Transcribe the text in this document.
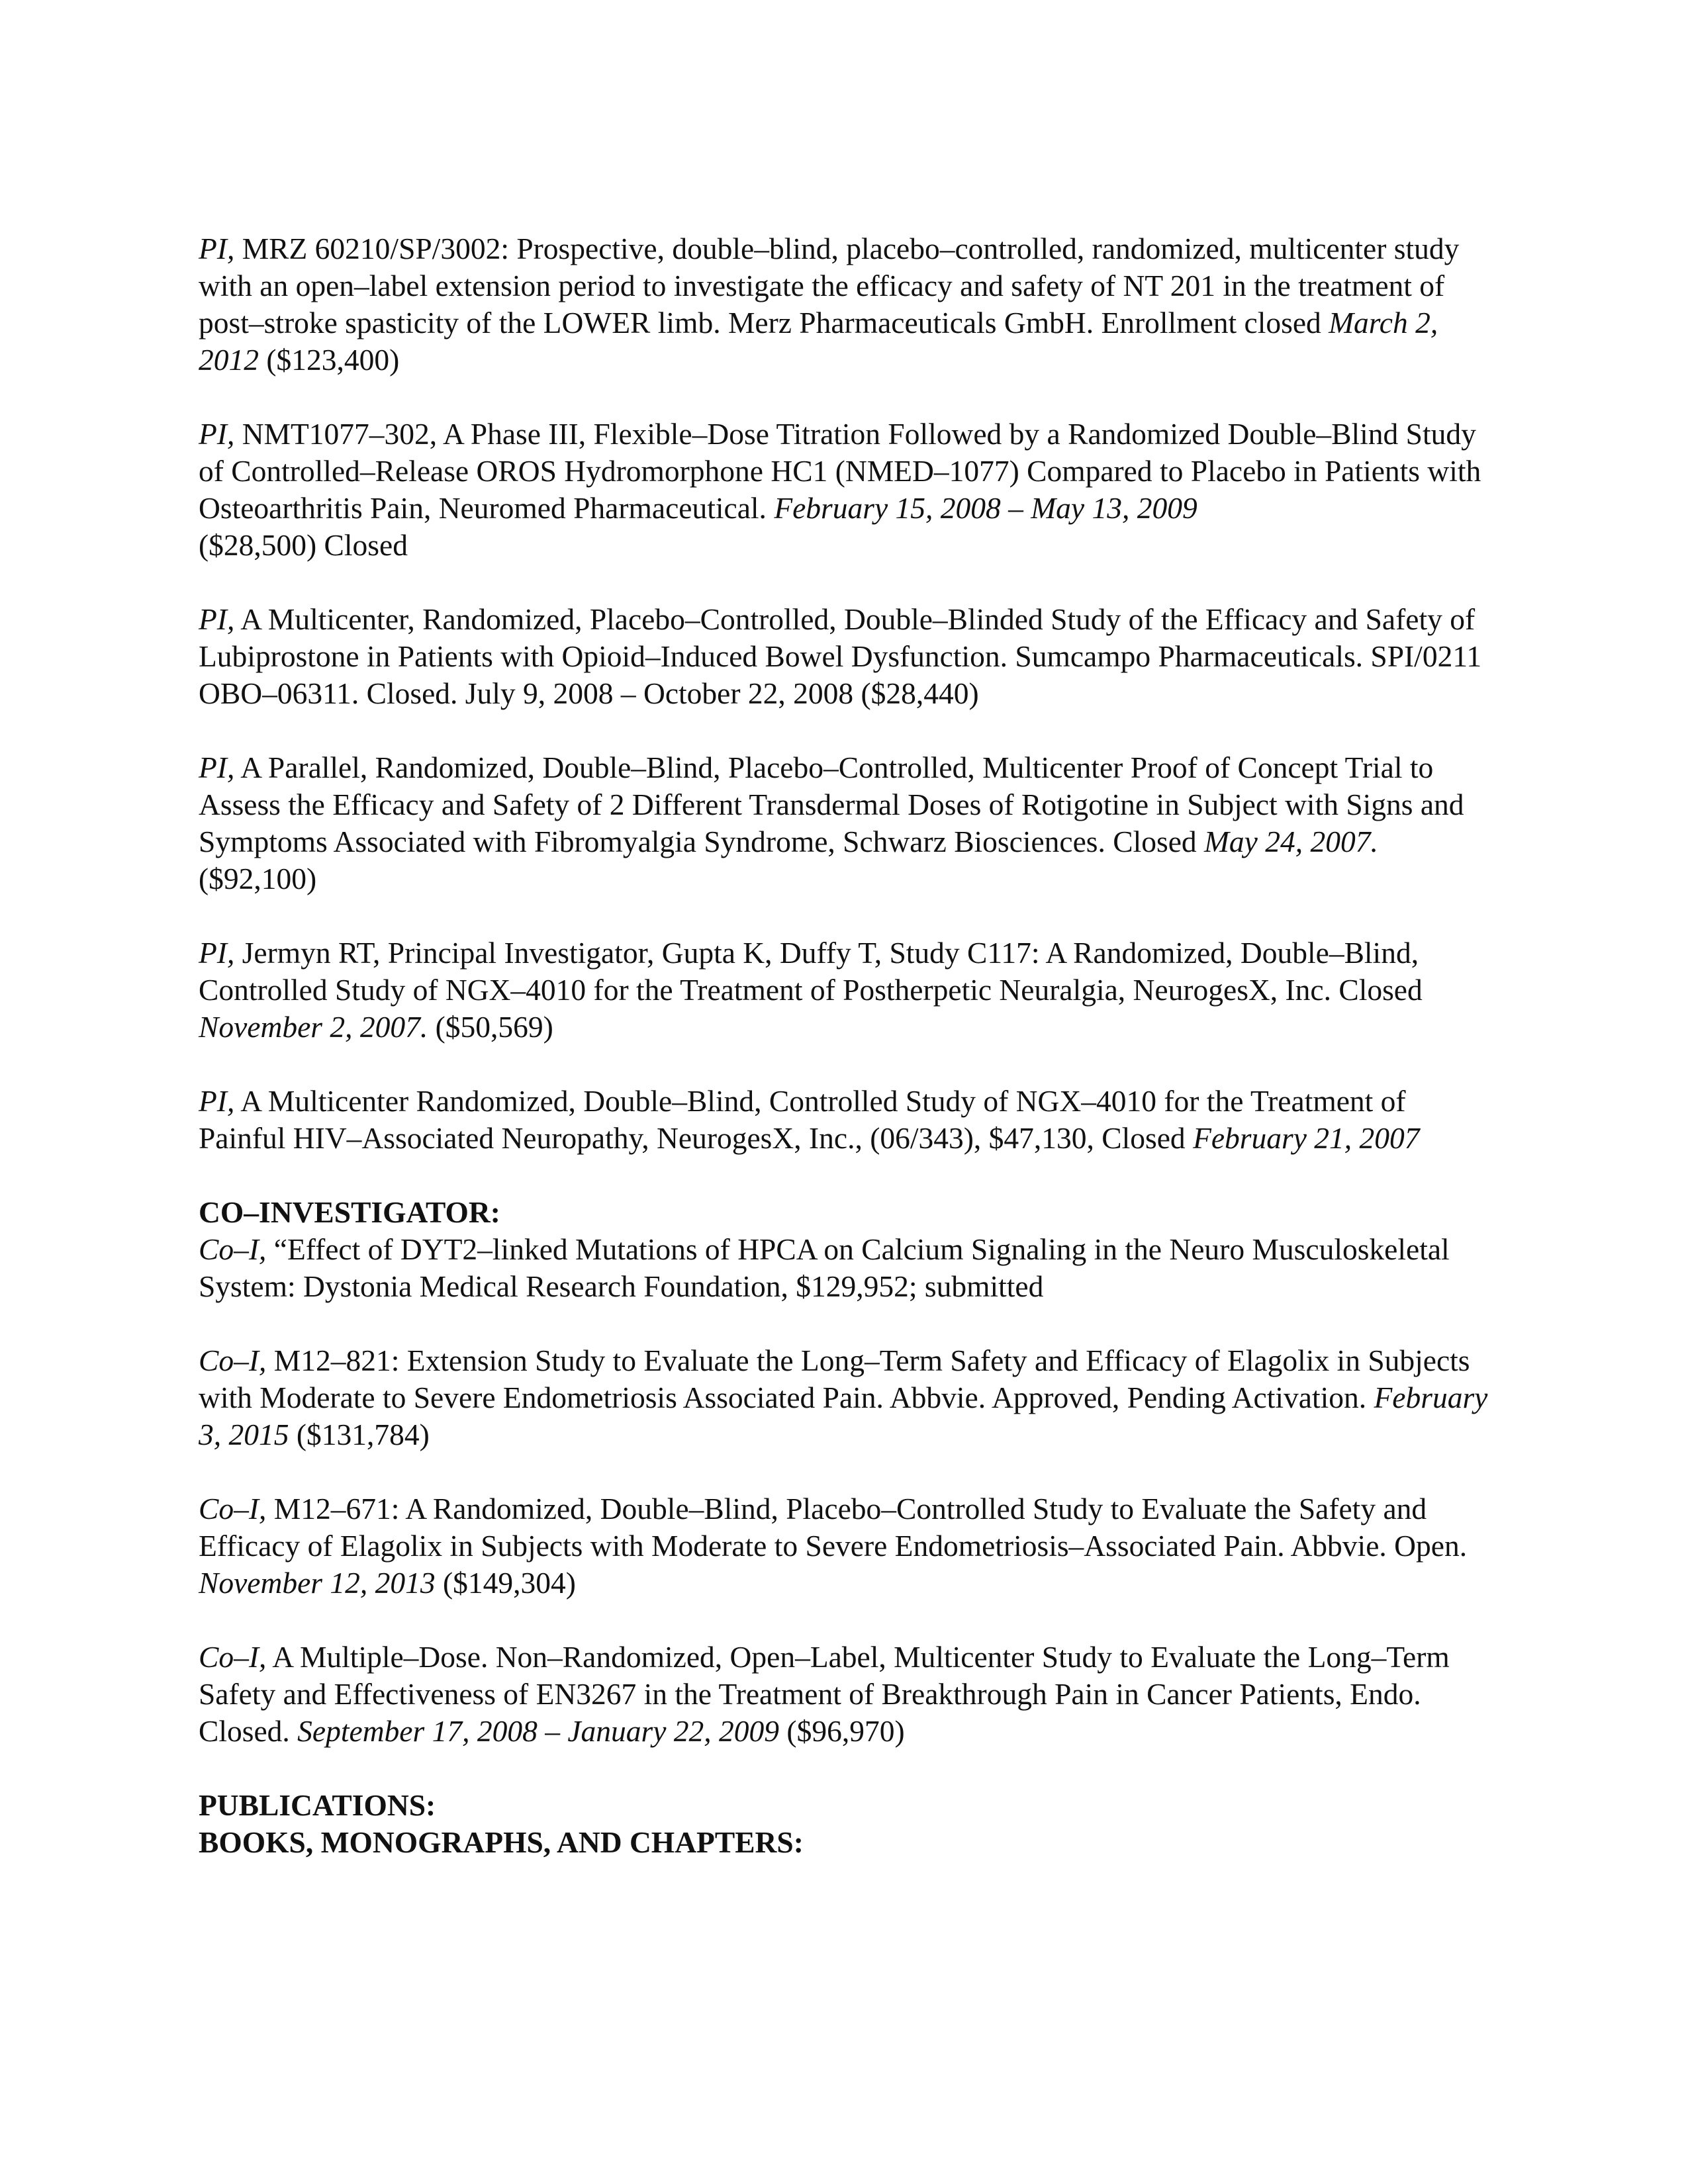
PI, MRZ 60210/SP/3002: Prospective, double–blind, placebo–controlled, randomized, multicenter study with an open–label extension period to investigate the efficacy and safety of NT 201 in the treatment of post–stroke spasticity of the LOWER limb. Merz Pharmaceuticals GmbH. Enrollment closed March 2, 2012 ($123,400)

PI, NMT1077–302, A Phase III, Flexible–Dose Titration Followed by a Randomized Double–Blind Study of Controlled–Release OROS Hydromorphone HC1 (NMED–1077) Compared to Placebo in Patients with Osteoarthritis Pain, Neuromed Pharmaceutical. February 15, 2008 – May 13, 2009
($28,500) Closed

PI, A Multicenter, Randomized, Placebo–Controlled, Double–Blinded Study of the Efficacy and Safety of Lubiprostone in Patients with Opioid–Induced Bowel Dysfunction. Sumcampo Pharmaceuticals. SPI/0211 OBO–06311. Closed. July 9, 2008 – October 22, 2008 ($28,440)

PI, A Parallel, Randomized, Double–Blind, Placebo–Controlled, Multicenter Proof of Concept Trial to Assess the Efficacy and Safety of 2 Different Transdermal Doses of Rotigotine in Subject with Signs and Symptoms Associated with Fibromyalgia Syndrome, Schwarz Biosciences. Closed May 24, 2007. ($92,100)

PI, Jermyn RT, Principal Investigator, Gupta K, Duffy T, Study C117: A Randomized, Double–Blind, Controlled Study of NGX–4010 for the Treatment of Postherpetic Neuralgia, NeurogesX, Inc. Closed November 2, 2007. ($50,569)

PI, A Multicenter Randomized, Double–Blind, Controlled Study of NGX–4010 for the Treatment of Painful HIV–Associated Neuropathy, NeurogesX, Inc., (06/343), $47,130, Closed February 21, 2007

CO–INVESTIGATOR:

Co–I, “Effect of DYT2–linked Mutations of HPCA on Calcium Signaling in the Neuro Musculoskeletal System: Dystonia Medical Research Foundation, $129,952; submitted

Co–I, M12–821: Extension Study to Evaluate the Long–Term Safety and Efficacy of Elagolix in Subjects with Moderate to Severe Endometriosis Associated Pain. Abbvie. Approved, Pending Activation. February 3, 2015 ($131,784)

Co–I, M12–671: A Randomized, Double–Blind, Placebo–Controlled Study to Evaluate the Safety and Efficacy of Elagolix in Subjects with Moderate to Severe Endometriosis–Associated Pain. Abbvie. Open. November 12, 2013 ($149,304)

Co–I, A Multiple–Dose. Non–Randomized, Open–Label, Multicenter Study to Evaluate the Long–Term Safety and Effectiveness of EN3267 in the Treatment of Breakthrough Pain in Cancer Patients, Endo. Closed. September 17, 2008 – January 22, 2009 ($96,970)

PUBLICATIONS:
BOOKS, MONOGRAPHS, AND CHAPTERS:
